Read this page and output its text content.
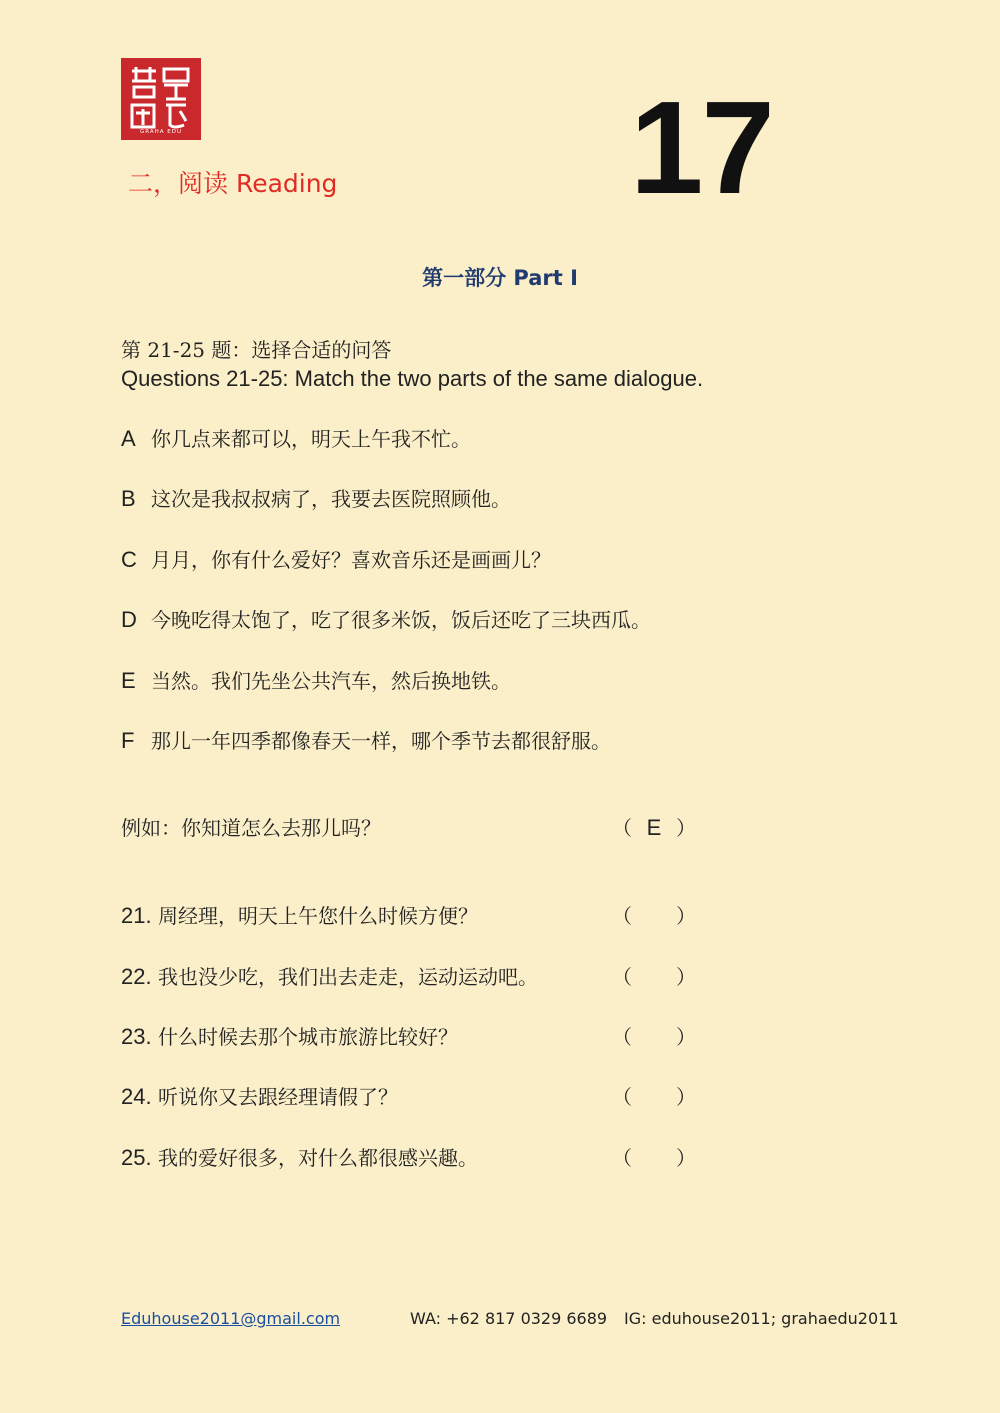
GRAHA EDU
二，阅读 Reading 17
第一部分 Part I
第 21-25 题：选择合适的问答
Questions 21-25: Match the two parts of the same dialogue.
A 你几点来都可以，明天上午我不忙。
B 这次是我叔叔病了，我要去医院照顾他。
C 月月，你有什么爱好？喜欢音乐还是画画儿？
D 今晚吃得太饱了，吃了很多米饭，饭后还吃了三块西瓜。
E 当然。我们先坐公共汽车，然后换地铁。
F 那儿一年四季都像春天一样，哪个季节去都很舒服。
例如：你知道怎么去那儿吗？	（ E ）
21. 周经理，明天上午您什么时候方便？	（ ）
22. 我也没少吃，我们出去走走，运动运动吧。	（ ）
23. 什么时候去那个城市旅游比较好？	（ ）
24. 听说你又去跟经理请假了？	（ ）
25. 我的爱好很多，对什么都很感兴趣。	（ ）
Eduhouse2011@gmail.com	WA: +62 817 0329 6689 IG: eduhouse2011; grahaedu2011
